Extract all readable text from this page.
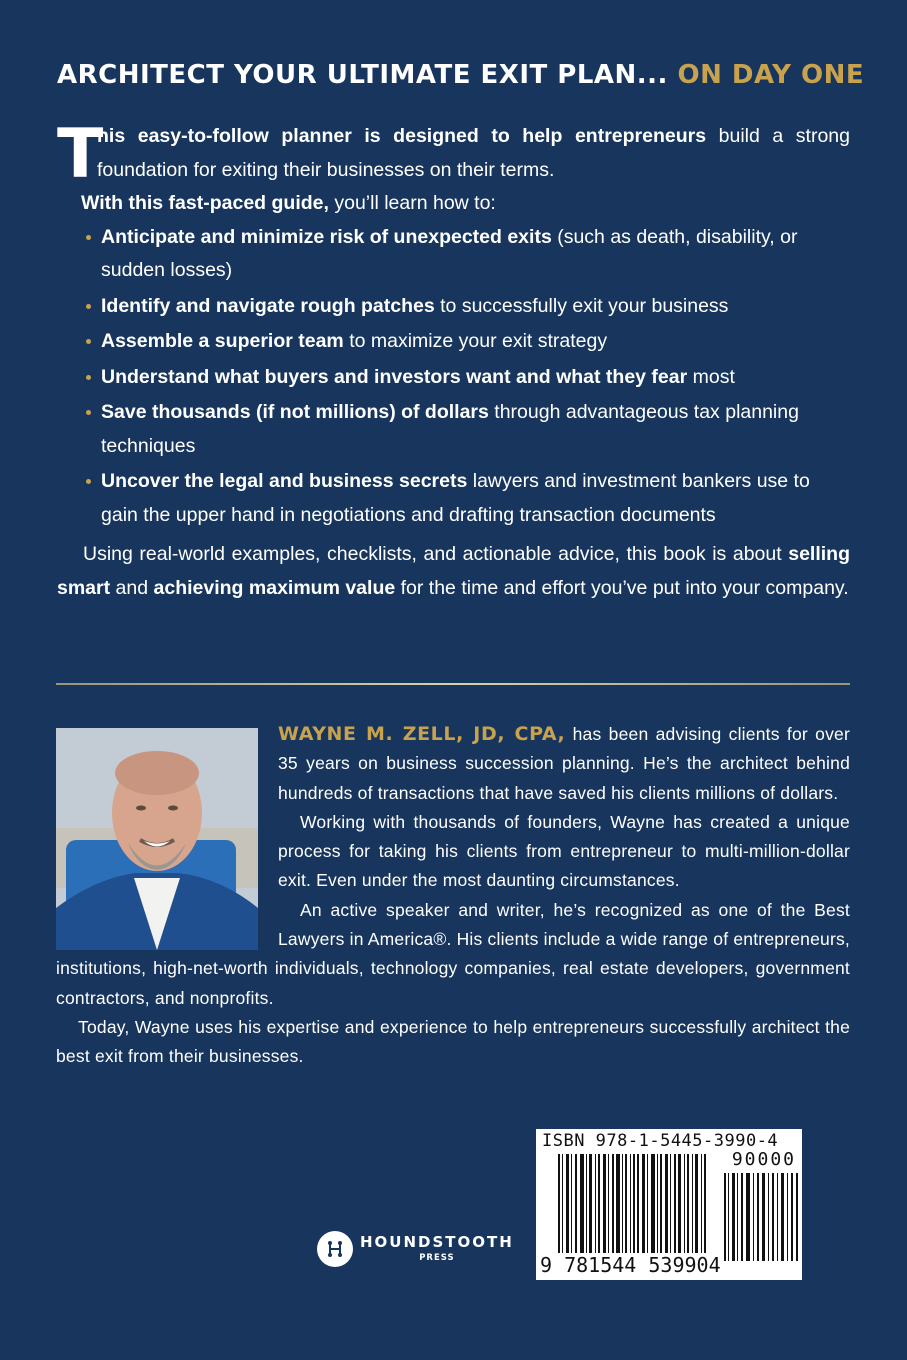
ARCHITECT YOUR ULTIMATE EXIT PLAN... ON DAY ONE
T

his easy-to-follow planner is designed to help entrepreneurs build a strong foundation for exiting their businesses on their terms.

With this fast-paced guide, you’ll learn how to:

Anticipate and minimize risk of unexpected exits (such as death, disability, or sudden losses)
Identify and navigate rough patches to successfully exit your business
Assemble a superior team to maximize your exit strategy
Understand what buyers and investors want and what they fear most
Save thousands (if not millions) of dollars through advantageous tax planning techniques
Uncover the legal and business secrets lawyers and investment bankers use to gain the upper hand in negotiations and drafting transaction documents

Using real-world examples, checklists, and actionable advice, this book is about selling smart and achieving maximum value for the time and effort you’ve put into your company.

WAYNE M. ZELL, JD, CPA, has been advising clients for over 35 years on business succession planning. He’s the architect behind hundreds of transactions that have saved his clients millions of dollars.

Working with thousands of founders, Wayne has created a unique process for taking his clients from entrepreneur to multi-million-dollar exit. Even under the most daunting circumstances.

An active speaker and writer, he’s recognized as one of the Best Lawyers in America®. His clients include a wide range of entrepreneurs, institutions, high-net-worth individuals, technology companies, real estate developers, government contractors, and nonprofits.

Today, Wayne uses his expertise and experience to help entrepreneurs successfully architect the best exit from their businesses.

HOUNDSTOOTH
PRESS
ISBN 978-1-5445-3990-4
90000
9 781544 539904
